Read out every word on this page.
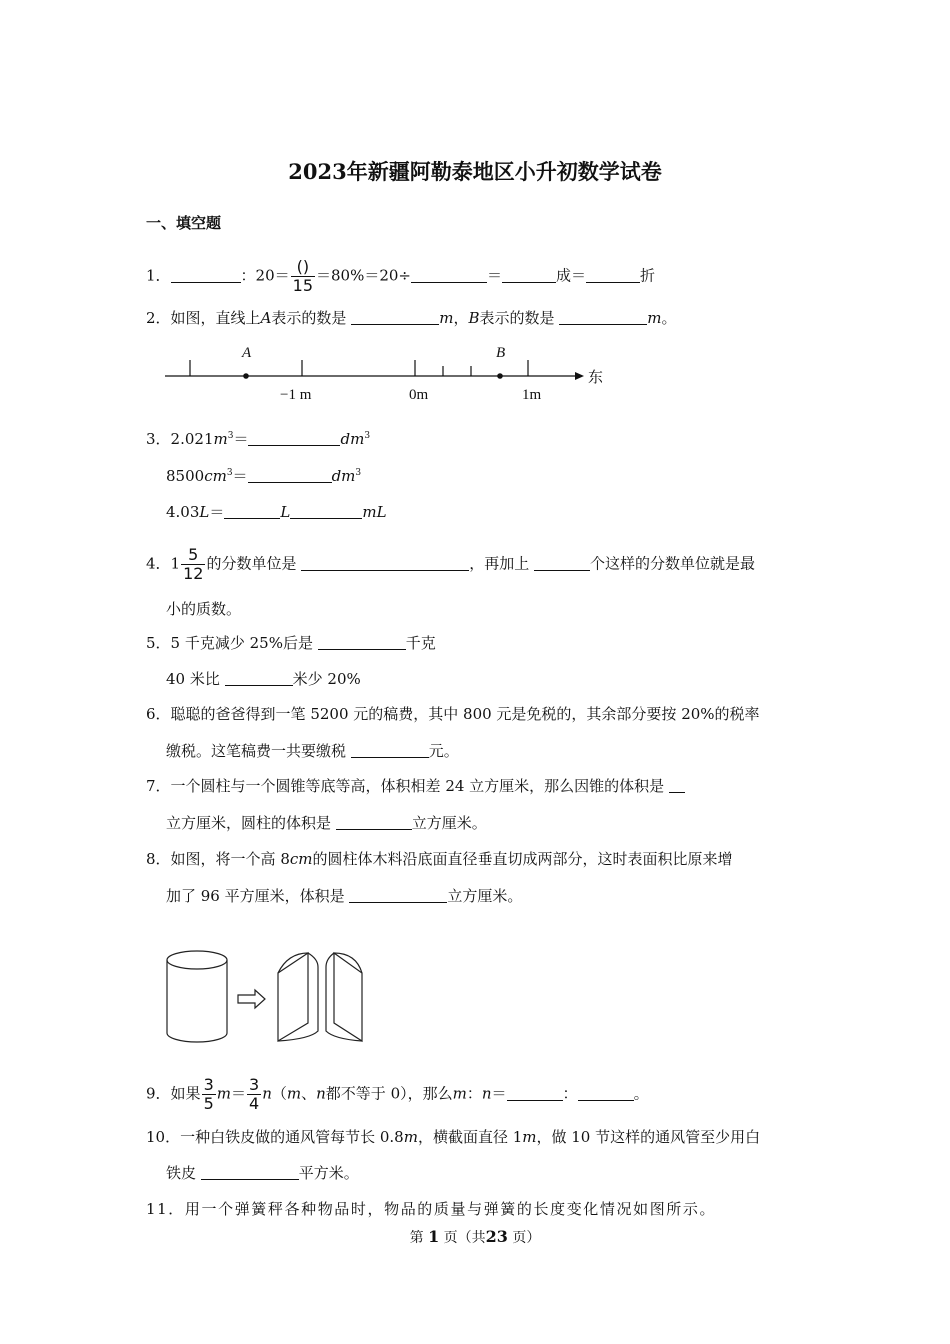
2023年新疆阿勒泰地区小升初数学试卷
一、填空题
1．	：$20= \frac{()}{15} =80\%=20\div$	＝	成＝	折
2．如图，直线上A表示的数是	m，B表示的数是	m。
A	B
−1 m	0m	1m
东
3．$2.021m^3=$	$dm^3$
$8500cm^3=$	$dm^3$
4.03L＝	L	mL
4．$1 \frac{5}{12}$ 的分数单位是	，再加上	个这样的分数单位就是最
小的质数。
5．5 千克减少 25%后是	千克
40 米比	米少 20%
6．聪聪的爸爸得到一笔 5200 元的稿费，其中 800 元是免税的，其余部分要按 20%的税率
缴税。这笔稿费一共要缴税	元。
7．一个圆柱与一个圆锥等底等高，体积相差 24 立方厘米，那么因锥的体积是
立方厘米，圆柱的体积是	立方厘米。
8．如图，将一个高 8cm的圆柱体木料沿底面直径垂直切成两部分，这时表面积比原来增
加了 96 平方厘米，体积是	立方厘米。
9．如果 $\frac{3}{5} m= \frac{3}{4} n(m$、n都不等于 0），那么m：n＝	：	。
10．一种白铁皮做的通风管每节长 0.8m，横截面直径 1m，做 10 节这样的通风管至少用白
铁皮	平方米。
11．用一个弹簧秤各种物品时，物品的质量与弹簧的长度变化情况如图所示。
第 1 页（共23 页）
